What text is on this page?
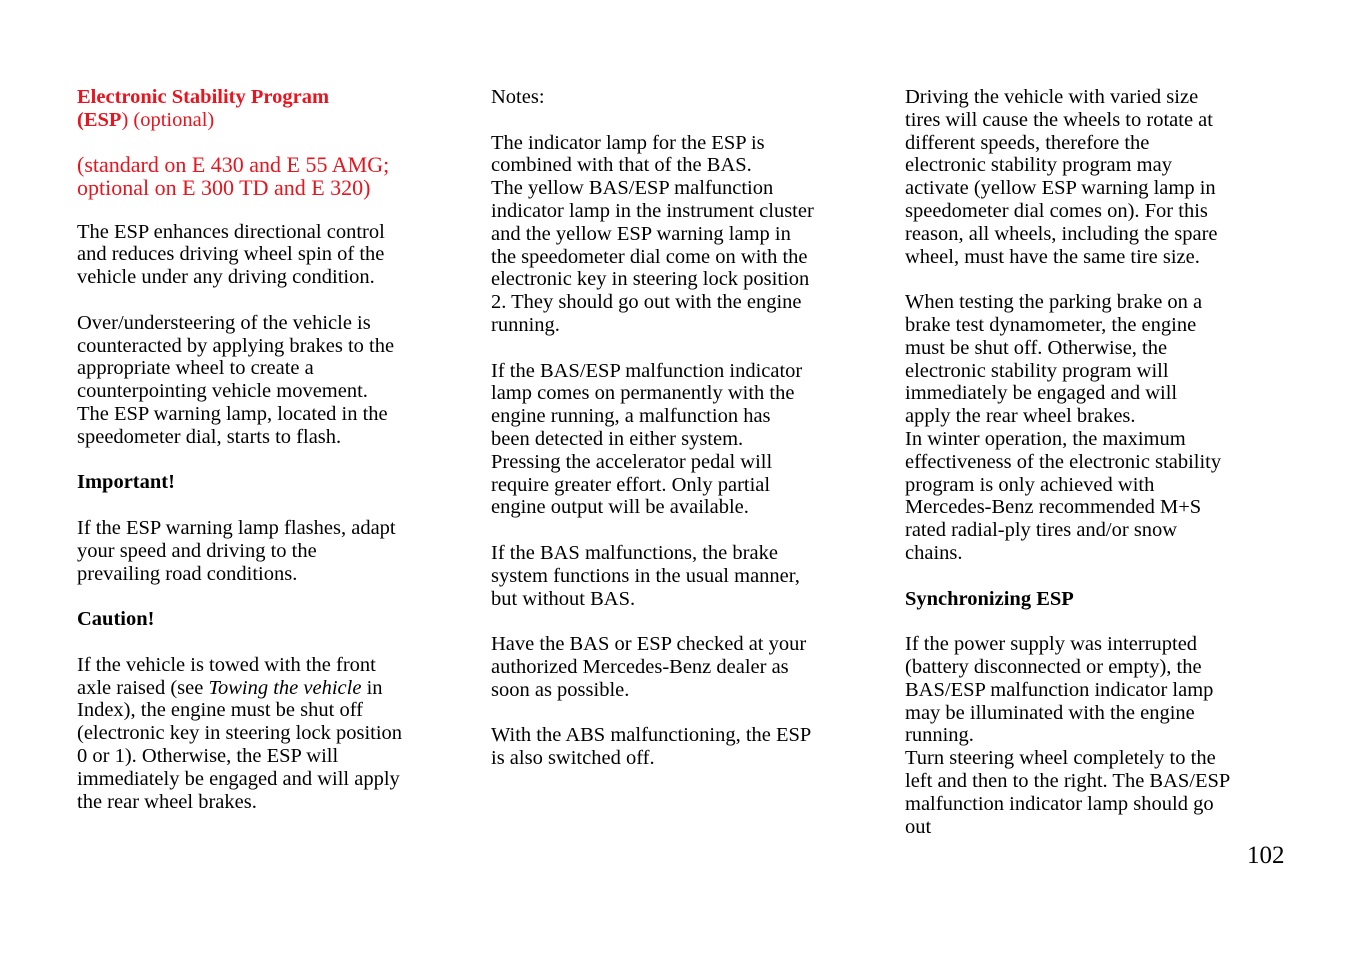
Electronic Stability Program

(ESP) (optional)

(standard on E 430 and E 55 AMG;

optional on E 300 TD and E 320)

The ESP enhances directional control

and reduces driving wheel spin of the

vehicle under any driving condition.

Over/understeering of the vehicle is

counteracted by applying brakes to the

appropriate wheel to create a

counterpointing vehicle movement.

The ESP warning lamp, located in the

speedometer dial, starts to flash.

Important!

If the ESP warning lamp flashes, adapt

your speed and driving to the

prevailing road conditions.

Caution!

If the vehicle is towed with the front

axle raised (see Towing the vehicle in

Index), the engine must be shut off

(electronic key in steering lock position

0 or 1). Otherwise, the ESP will

immediately be engaged and will apply

the rear wheel brakes.

Notes:

The indicator lamp for the ESP is

combined with that of the BAS.

The yellow BAS/ESP malfunction

indicator lamp in the instrument cluster

and the yellow ESP warning lamp in

the speedometer dial come on with the

electronic key in steering lock position

2. They should go out with the engine

running.

If the BAS/ESP malfunction indicator

lamp comes on permanently with the

engine running, a malfunction has

been detected in either system.

Pressing the accelerator pedal will

require greater effort. Only partial

engine output will be available.

If the BAS malfunctions, the brake

system functions in the usual manner,

but without BAS.

Have the BAS or ESP checked at your

authorized Mercedes-Benz dealer as

soon as possible.

With the ABS malfunctioning, the ESP

is also switched off.

Driving the vehicle with varied size

tires will cause the wheels to rotate at

different speeds, therefore the

electronic stability program may

activate (yellow ESP warning lamp in

speedometer dial comes on). For this

reason, all wheels, including the spare

wheel, must have the same tire size.

When testing the parking brake on a

brake test dynamometer, the engine

must be shut off. Otherwise, the

electronic stability program will

immediately be engaged and will

apply the rear wheel brakes.

In winter operation, the maximum

effectiveness of the electronic stability

program is only achieved with

Mercedes-Benz recommended M+S

rated radial-ply tires and/or snow

chains.

Synchronizing ESP

If the power supply was interrupted

(battery disconnected or empty), the

BAS/ESP malfunction indicator lamp

may be illuminated with the engine

running.

Turn steering wheel completely to the

left and then to the right. The BAS/ESP

malfunction indicator lamp should go

out

102
